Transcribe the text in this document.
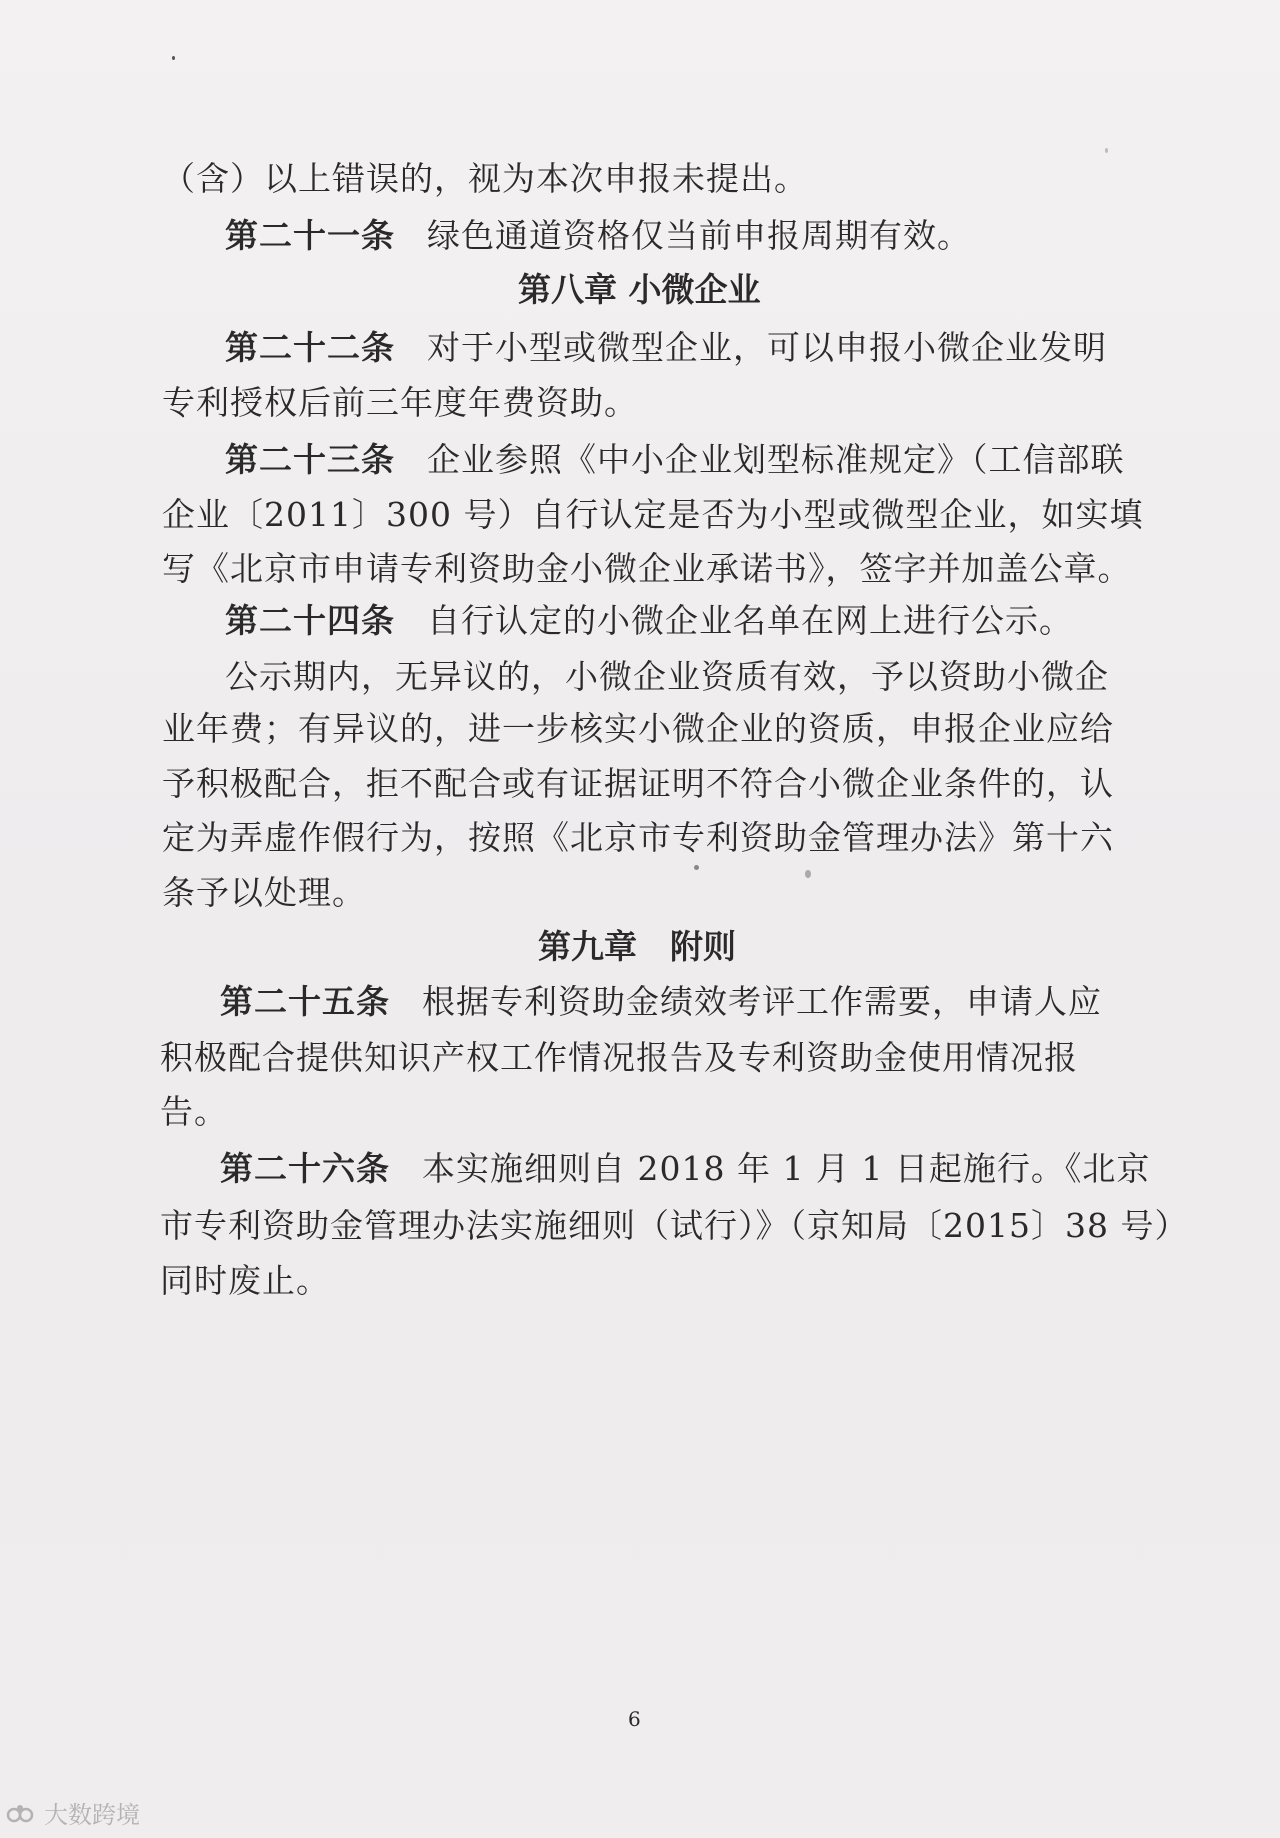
（含）以上错误的，视为本次申报未提出。
第二十一条 绿色通道资格仅当前申报周期有效。
第八章 小微企业
第二十二条 对于小型或微型企业，可以申报小微企业发明
专利授权后前三年度年费资助。
第二十三条 企业参照《中小企业划型标准规定》（工信部联
企业〔2011〕300 号）自行认定是否为小型或微型企业，如实填
写《北京市申请专利资助金小微企业承诺书》，签字并加盖公章。
第二十四条 自行认定的小微企业名单在网上进行公示。
公示期内，无异议的，小微企业资质有效，予以资助小微企
业年费；有异议的，进一步核实小微企业的资质，申报企业应给
予积极配合，拒不配合或有证据证明不符合小微企业条件的，认
定为弄虚作假行为，按照《北京市专利资助金管理办法》第十六
条予以处理。
第九章　附则
第二十五条 根据专利资助金绩效考评工作需要，申请人应
积极配合提供知识产权工作情况报告及专利资助金使用情况报
告。
第二十六条 本实施细则自 2018 年 1 月 1 日起施行。《北京
市专利资助金管理办法实施细则（试行）》（京知局〔2015〕38 号）
同时废止。
6
大数跨境
